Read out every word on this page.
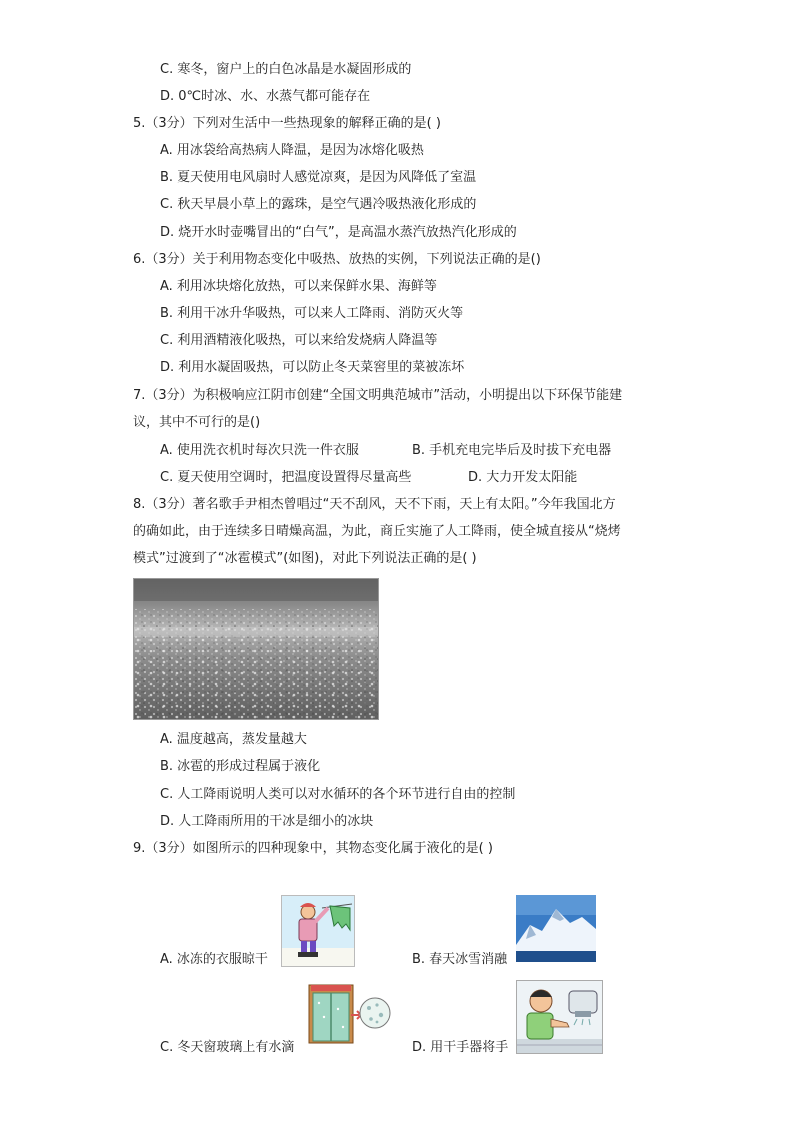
C. 寒冬，窗户上的白色冰晶是水凝固形成的
D. 0℃时冰、水、水蒸气都可能存在
5.（3分）下列对生活中一些热现象的解释正确的是( )
A. 用冰袋给高热病人降温，是因为冰熔化吸热
B. 夏天使用电风扇时人感觉凉爽，是因为风降低了室温
C. 秋天早晨小草上的露珠，是空气遇冷吸热液化形成的
D. 烧开水时壶嘴冒出的“白气”，是高温水蒸汽放热汽化形成的
6.（3分）关于利用物态变化中吸热、放热的实例，下列说法正确的是()
A. 利用冰块熔化放热，可以来保鲜水果、海鲜等
B. 利用干冰升华吸热，可以来人工降雨、消防灭火等
C. 利用酒精液化吸热，可以来给发烧病人降温等
D. 利用水凝固吸热，可以防止冬天菜窖里的菜被冻坏
7.（3分）为积极响应江阴市创建“全国文明典范城市”活动，小明提出以下环保节能建
议，其中不可行的是()
A. 使用洗衣机时每次只洗一件衣服	B. 手机充电完毕后及时拔下充电器
C. 夏天使用空调时，把温度设置得尽量高些	D. 大力开发太阳能
8.（3分）著名歌手尹相杰曾唱过“天不刮风，天不下雨，天上有太阳。”今年我国北方
的确如此，由于连续多日晴燥高温，为此，商丘实施了人工降雨，使全城直接从“烧烤
模式”过渡到了“冰雹模式”(如图)，对此下列说法正确的是( )
A. 温度越高，蒸发量越大
B. 冰雹的形成过程属于液化
C. 人工降雨说明人类可以对水循环的各个环节进行自由的控制
D. 人工降雨所用的干冰是细小的冰块
9.（3分）如图所示的四种现象中，其物态变化属于液化的是( )
A. 冰冻的衣服晾干	B. 春天冰雪消融
C. 冬天窗玻璃上有水滴	D. 用干手器将手
